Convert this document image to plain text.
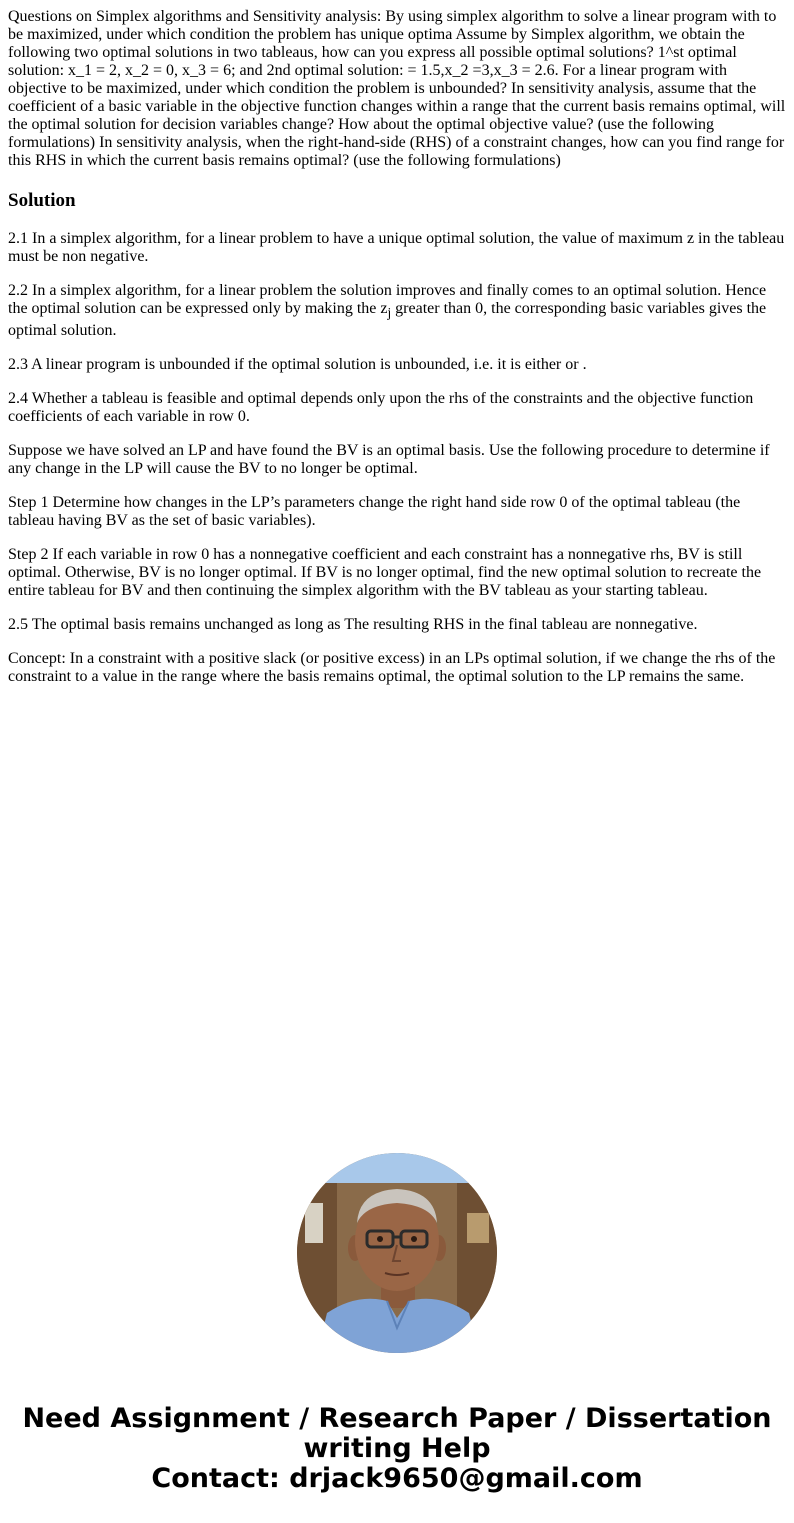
Questions on Simplex algorithms and Sensitivity analysis: By using simplex algorithm to solve a linear program with to be maximized, under which condition the problem has unique optima Assume by Simplex algorithm, we obtain the following two optimal solutions in two tableaus, how can you express all possible optimal solutions? 1^st optimal solution: x_1 = 2, x_2 = 0, x_3 = 6; and 2nd optimal solution: = 1.5,x_2 =3,x_3 = 2.6. For a linear program with objective to be maximized, under which condition the problem is unbounded? In sensitivity analysis, assume that the coefficient of a basic variable in the objective function changes within a range that the current basis remains optimal, will the optimal solution for decision variables change? How about the optimal objective value? (use the following formulations) In sensitivity analysis, when the right-hand-side (RHS) of a constraint changes, how can you find range for this RHS in which the current basis remains optimal? (use the following formulations)
Solution
2.1 In a simplex algorithm, for a linear problem to have a unique optimal solution, the value of maximum z in the tableau must be non negative.
2.2 In a simplex algorithm, for a linear problem the solution improves and finally comes to an optimal solution. Hence the optimal solution can be expressed only by making the $z_j$ greater than 0, the corresponding basic variables gives the optimal solution.
2.3 A linear program is unbounded if the optimal solution is unbounded, i.e. it is either or .
2.4 Whether a tableau is feasible and optimal depends only upon the rhs of the constraints and the objective function coefficients of each variable in row 0.
Suppose we have solved an LP and have found the BV is an optimal basis. Use the following procedure to determine if any change in the LP will cause the BV to no longer be optimal.
Step 1 Determine how changes in the LP’s parameters change the right hand side row 0 of the optimal tableau (the tableau having BV as the set of basic variables).
Step 2 If each variable in row 0 has a nonnegative coefficient and each constraint has a nonnegative rhs, BV is still optimal. Otherwise, BV is no longer optimal. If BV is no longer optimal, find the new optimal solution to recreate the entire tableau for BV and then continuing the simplex algorithm with the BV tableau as your starting tableau.
2.5 The optimal basis remains unchanged as long as The resulting RHS in the final tableau are nonnegative.
Concept: In a constraint with a positive slack (or positive excess) in an LPs optimal solution, if we change the rhs of the constraint to a value in the range where the basis remains optimal, the optimal solution to the LP remains the same.
Need Assignment / Research Paper / Dissertation
writing Help
Contact: drjack9650@gmail.com
